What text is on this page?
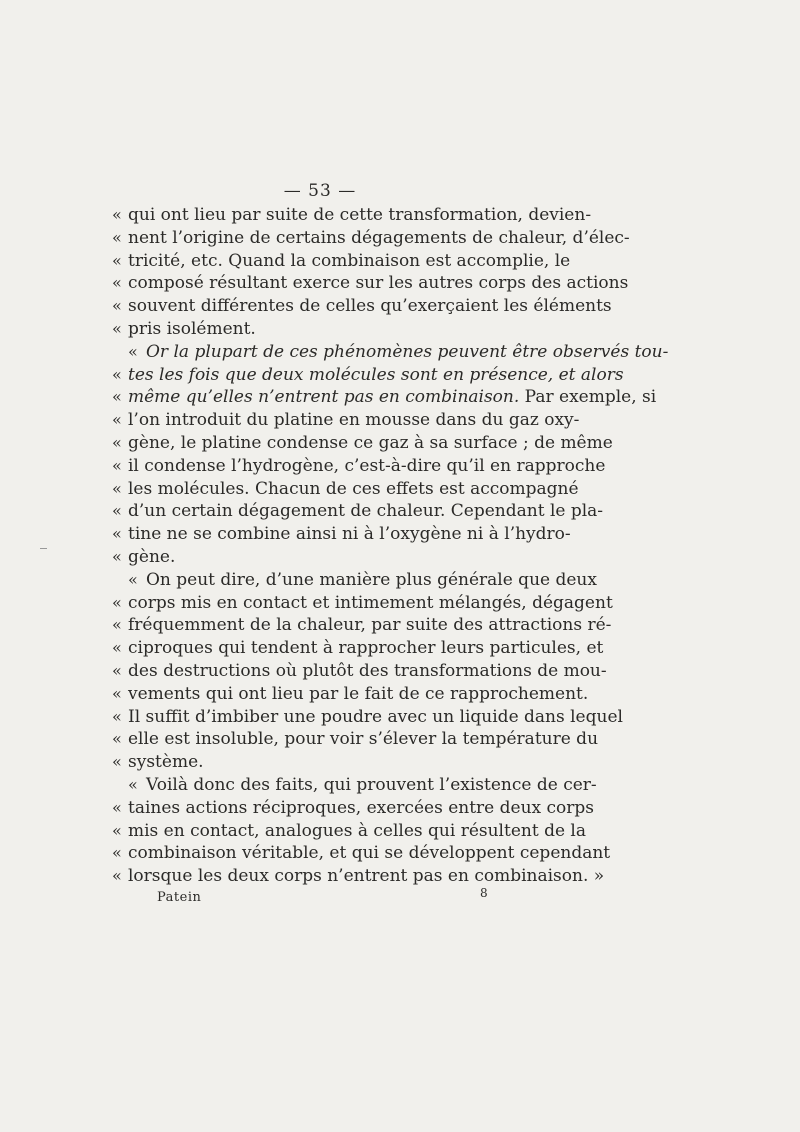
— 53 —
« qui ont lieu par suite de cette transformation, devien-
« nent l’origine de certains dégagements de chaleur, d’élec-
« tricité, etc. Quand la combinaison est accomplie, le
« composé résultant exerce sur les autres corps des actions
« souvent différentes de celles qu’exerçaient les éléments
« pris isolément.
« Or la plupart de ces phénomènes peuvent être observés tou-
« tes les fois que deux molécules sont en présence, et alors
« même qu’elles n’entrent pas en combinaison. Par exemple, si
« l’on introduit du platine en mousse dans du gaz oxy-
« gène, le platine condense ce gaz à sa surface ; de même
« il condense l’hydrogène, c’est-à-dire qu’il en rapproche
« les molécules. Chacun de ces effets est accompagné
« d’un certain dégagement de chaleur. Cependant le pla-
« tine ne se combine ainsi ni à l’oxygène ni à l’hydro-
« gène.
« On peut dire, d’une manière plus générale que deux
« corps mis en contact et intimement mélangés, dégagent
« fréquemment de la chaleur, par suite des attractions ré-
« ciproques qui tendent à rapprocher leurs particules, et
« des destructions où plutôt des transformations de mou-
« vements qui ont lieu par le fait de ce rapprochement.
« Il suffit d’imbiber une poudre avec un liquide dans lequel
« elle est insoluble, pour voir s’élever la température du
« système.
« Voilà donc des faits, qui prouvent l’existence de cer-
« taines actions réciproques, exercées entre deux corps
« mis en contact, analogues à celles qui résultent de la
« combinaison véritable, et qui se développent cependant
« lorsque les deux corps n’entrent pas en combinaison. »
Patein	8
